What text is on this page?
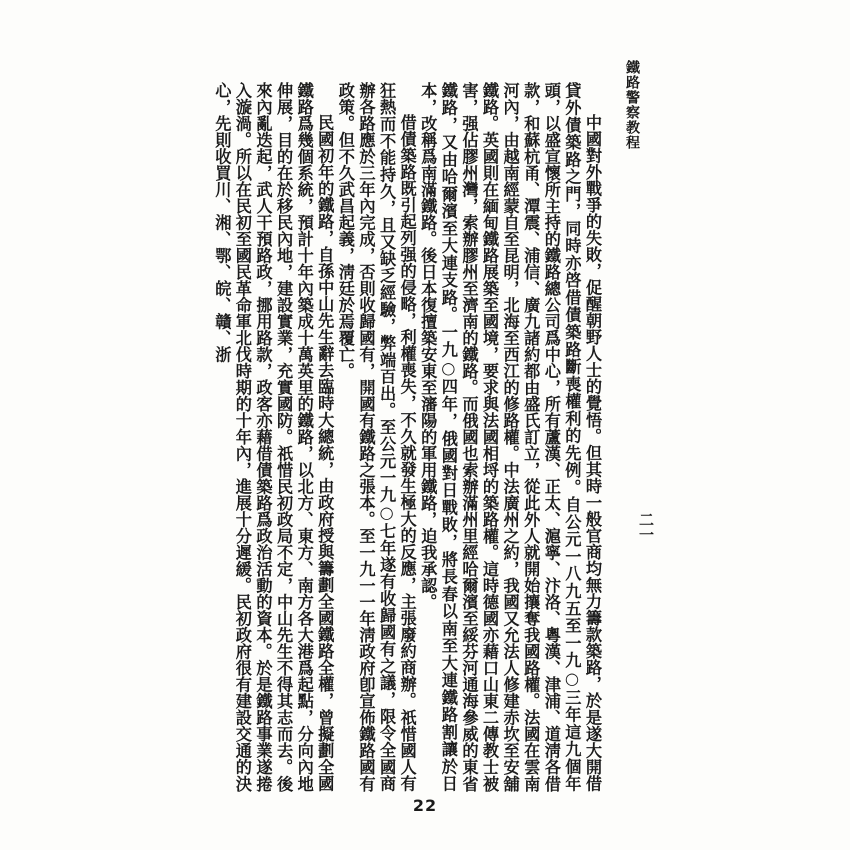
鐵路警察教程
二一

中國對外戰爭的失敗，促醒朝野人士的覺悟。但其時一般官商均無力籌款築路，於是遂大開借貸外債築路之門，同時亦啓借債築路斷喪權利的先例。自公元一八九五至一九○三年這九個年頭，以盛宣懷所主持的鐵路總公司爲中心，所有蘆漢、正太、滬寧、汴洛、粵漢、津浦、道淸各借款，和蘇杭甬、潭震、浦信、廣九諸約都由盛氏訂立，從此外人就開始攘奪我國路權。法國在雲南河內，由越南經蒙自至昆明，北海至西江的修路權。中法廣州之約，我國又允法人修建赤坎至安舖鐵路。英國則在緬甸鐵路展築至國境，要求與法國相埒的築路權。這時德國亦藉口山東二傳教士被害，强佔膠州灣，索辦膠州至濟南的鐵路。而俄國也索辦滿州里經哈爾濱至綏芬河通海參威的東省鐵路，又由哈爾濱至大連支路。一九○四年，俄國對日戰敗，將長春以南至大連鐵路割讓於日本，改稱爲南滿鐵路。後日本復擅築安東至瀋陽的軍用鐵路，迫我承認。

借債築路既引起列强的侵略，利權喪失，不久就發生極大的反應，主張廢約商辦。祇惜國人有狂熱而不能持久，且又缺乏經驗，弊端百出。至公元一九○七年遂有收歸國有之議，限令全國商辦各路應於三年內完成，否則收歸國有，開國有鐵路之張本。至一九一一年淸政府卽宣佈鐵路國有政策。但不久武昌起義，淸廷於焉覆亡。

民國初年的鐵路，自孫中山先生辭去臨時大總統，由政府授與籌劃全國鐵路全權，曾擬劃全國鐵路爲幾個系統，預計十年內築成十萬英里的鐵路，以北方、東方、南方各大港爲起點，分向內地伸展，目的在於移民內地，建設實業，充實國防。祇惜民初政局不定，中山先生不得其志而去。後來內亂迭起，武人干預路政，挪用路款，政客亦藉借債築路爲政治活動的資本。於是鐵路事業遂捲入漩渦。所以在民初至國民革命軍北伐時期的十年內，進展十分遲緩。民初政府很有建設交通的決心，先則收買川、湘、鄂、皖、贛、浙

22
